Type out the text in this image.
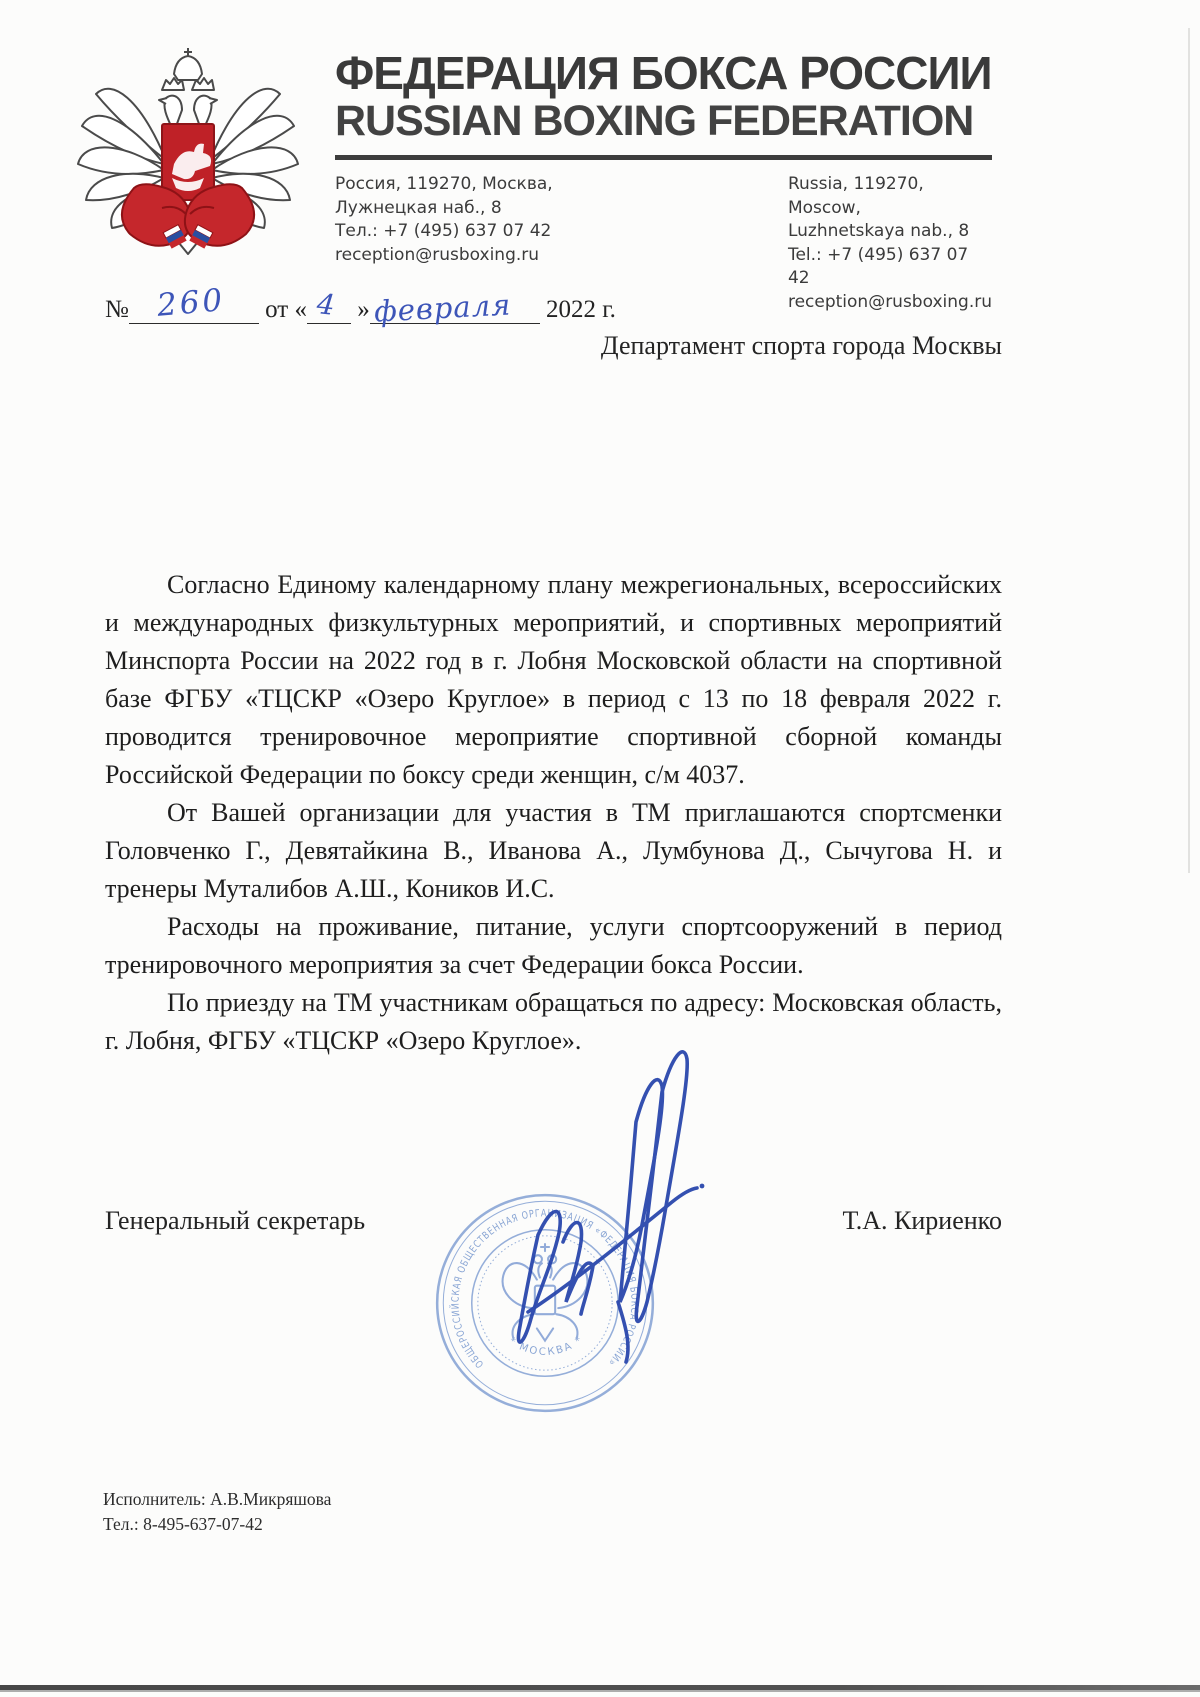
ФЕДЕРАЦИЯ БОКСА РОССИИ
RUSSIAN BOXING FEDERATION
Россия, 119270, Москва,
Лужнецкая наб., 8
Тел.: +7 (495) 637 07 42
reception@rusboxing.ru
Russia, 119270, Moscow,
Luzhnetskaya nab., 8
Tel.: +7 (495) 637 07 42
reception@rusboxing.ru
№ 260 от « 4 » февраля 2022 г.
Департамент спорта города Москвы

Согласно Единому календарному плану межрегиональных, всероссийских и международных физкультурных мероприятий, и спортивных мероприятий Минспорта России на 2022 год в г. Лобня Московской области на спортивной базе ФГБУ «ТЦСКР «Озеро Круглое» в период с 13 по 18 февраля 2022 г. проводится тренировочное мероприятие спортивной сборной команды Российской Федерации по боксу среди женщин, с/м 4037.

От Вашей организации для участия в ТМ приглашаются спортсменки Головченко Г., Девятайкина В., Иванова А., Лумбунова Д., Сычугова Н. и тренеры Муталибов А.Ш., Коников И.С.

Расходы на проживание, питание, услуги спортсооружений в период тренировочного мероприятия за счет Федерации бокса России.

По приезду на ТМ участникам обращаться по адресу: Московская область, г. Лобня, ФГБУ «ТЦСКР «Озеро Круглое».

Генеральный секретарь	Т.А. Кириенко
ОБЩЕРОССИЙСКАЯ ОБЩЕСТВЕННАЯ ОРГАНИЗАЦИЯ «ФЕДЕРАЦИЯ БОКСА РОССИИ»
* МОСКВА *
Исполнитель: А.В.Микряшова
Тел.: 8-495-637-07-42
